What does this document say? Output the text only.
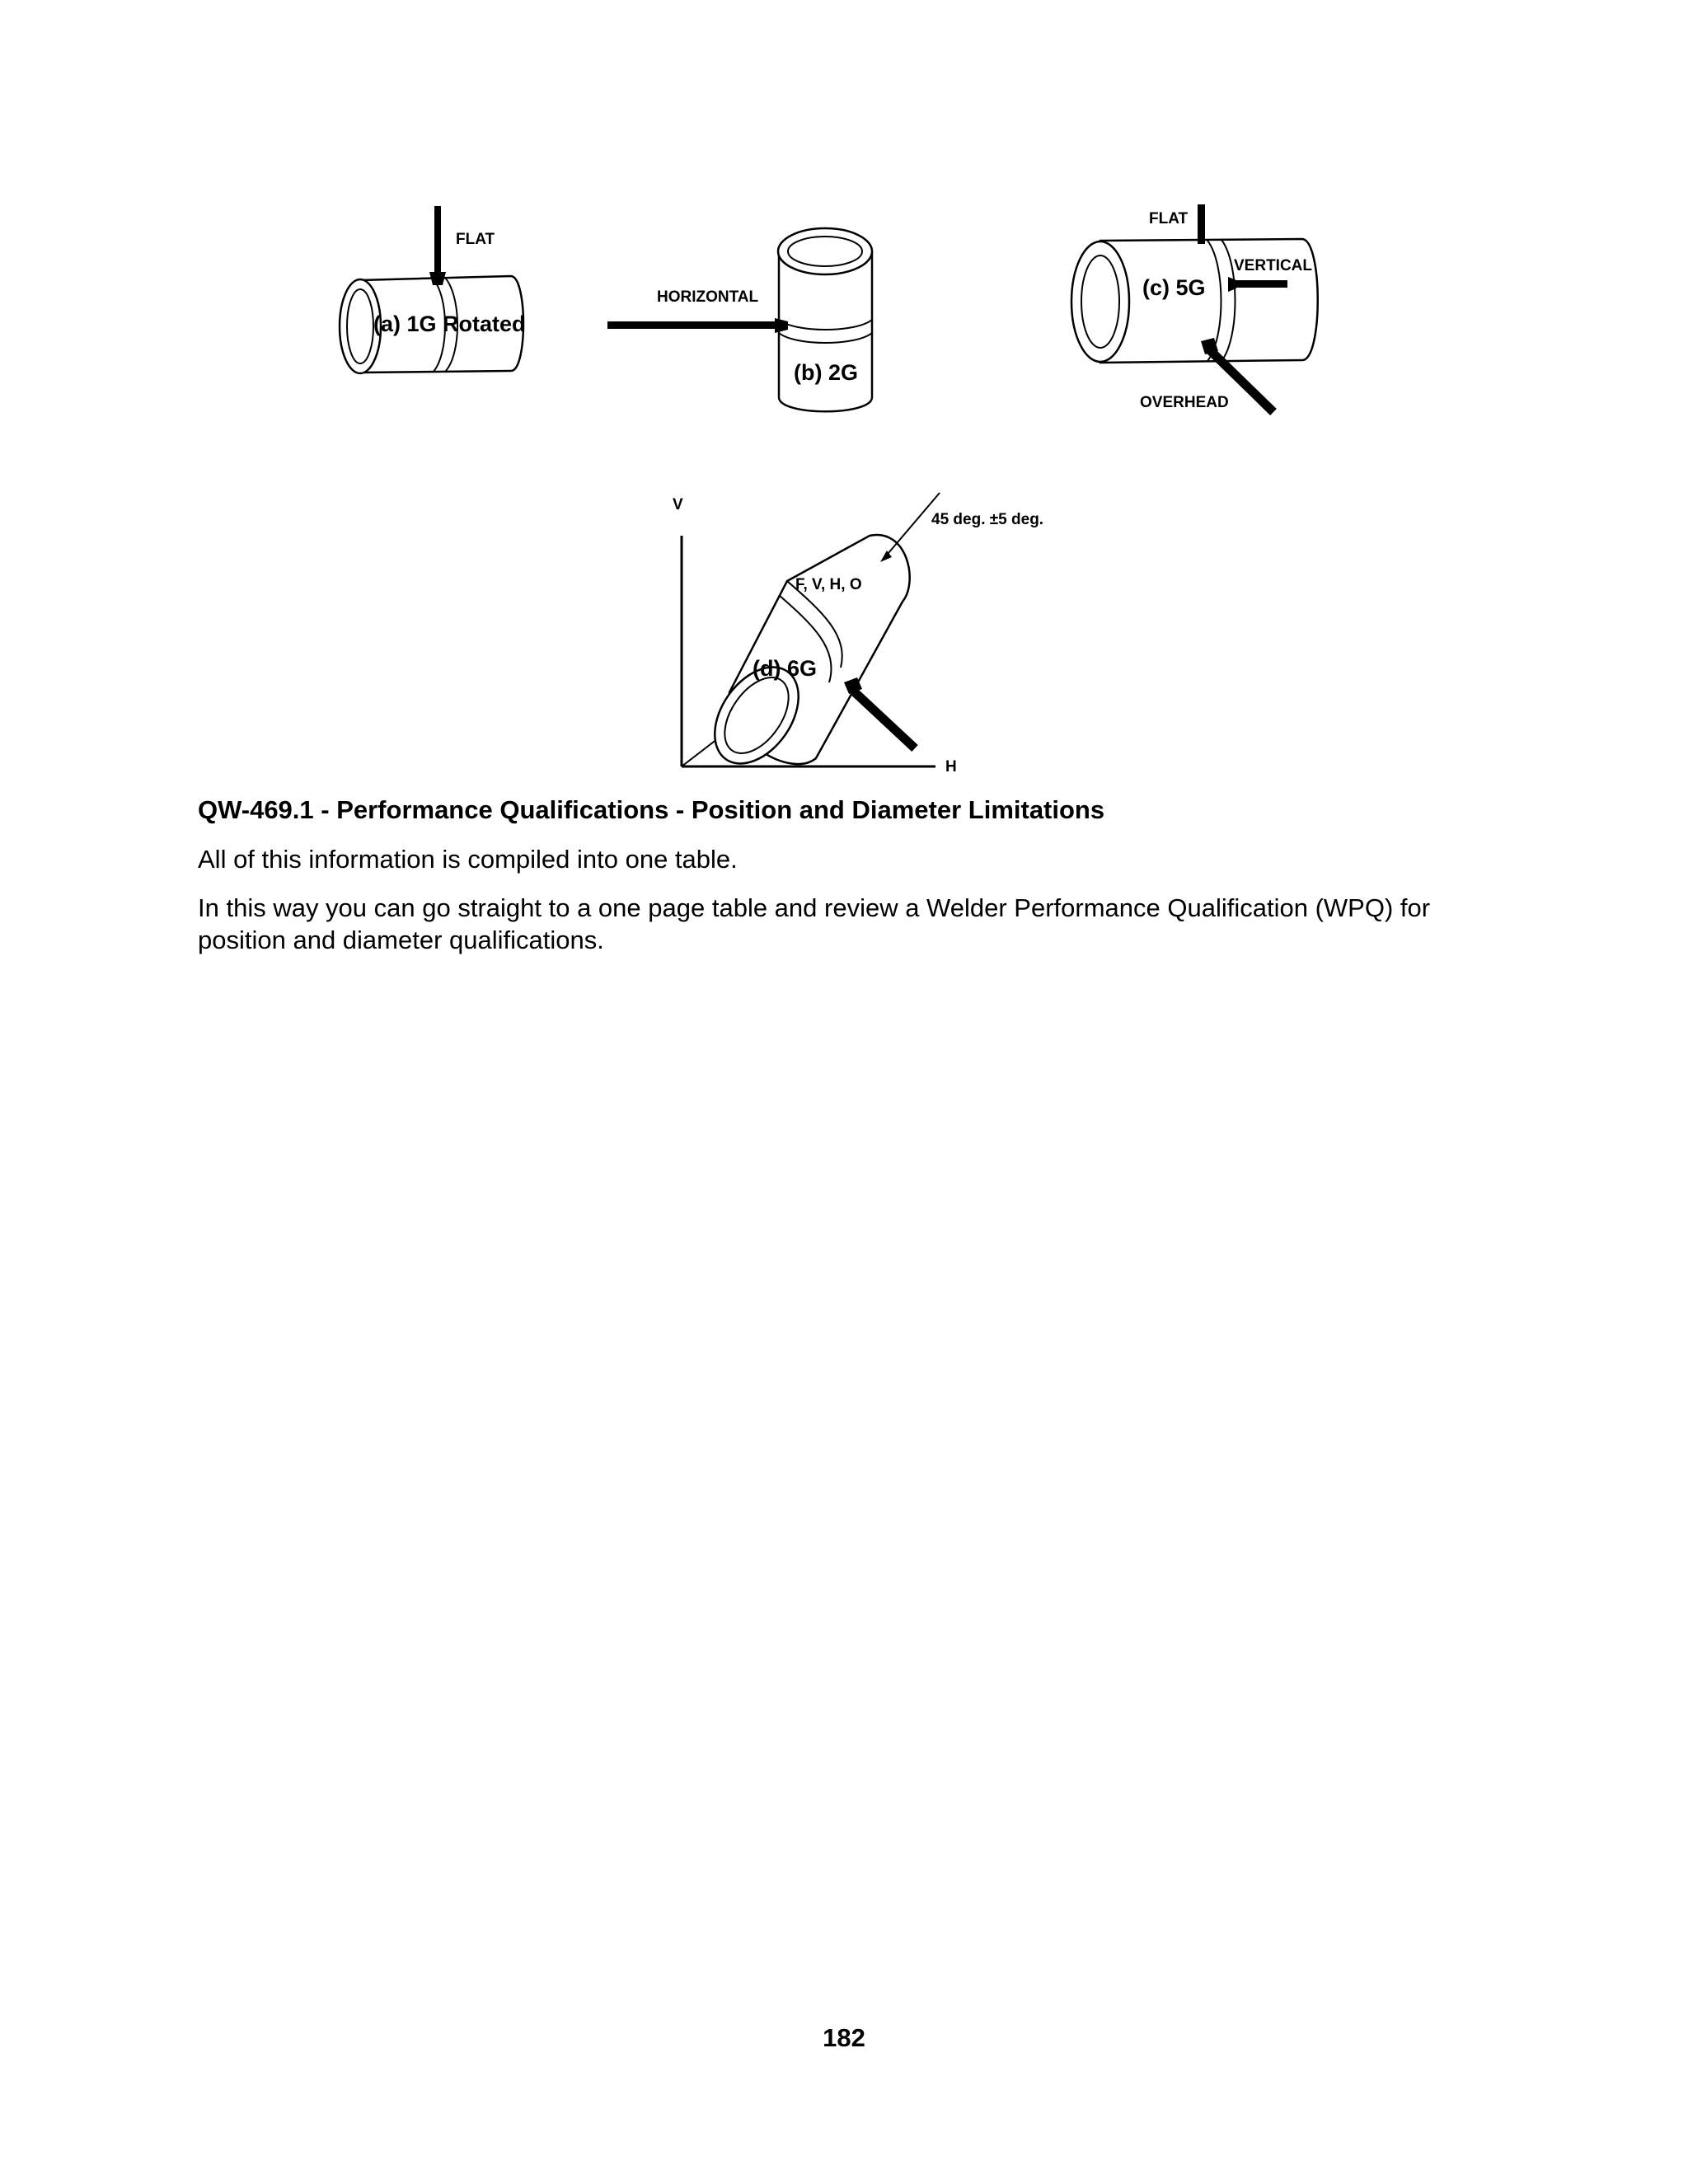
FLAT
(a) 1G Rotated
HORIZONTAL
(b) 2G
FLAT
VERTICAL
OVERHEAD
(c) 5G
V
H
45 deg. ±5 deg.
F, V, H, O
(d) 6G
QW-469.1 - Performance Qualifications - Position and Diameter Limitations
All of this information is compiled into one table.
In this way you can go straight to a one page table and review a Welder Performance Qualification (WPQ) for position and diameter qualifications.
182
